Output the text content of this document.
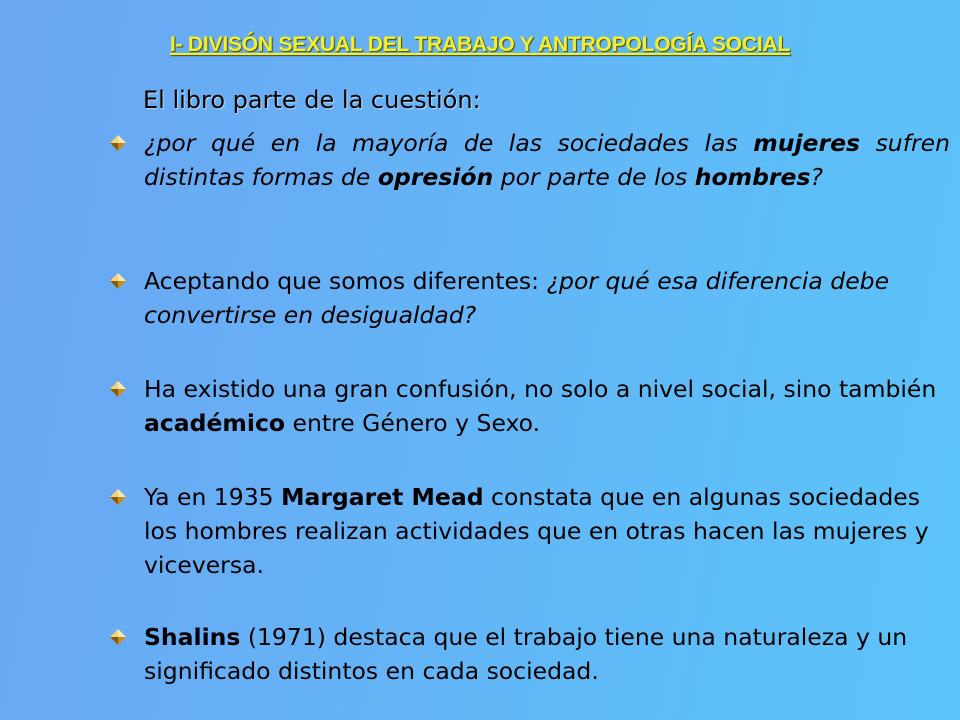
I- DIVISÓN SEXUAL DEL TRABAJO Y ANTROPOLOGÍA SOCIAL
El libro parte de la cuestión:
¿por qué en la mayoría de las sociedades las mujeres sufren distintas formas de opresión por parte de los hombres?
Aceptando que somos diferentes: ¿por qué esa diferencia debe convertirse en desigualdad?
Ha existido una gran confusión, no solo a nivel social, sino también académico entre Género y Sexo.
Ya en 1935 Margaret Mead constata que en algunas sociedades los hombres realizan actividades que en otras hacen las mujeres y viceversa.
Shalins (1971) destaca que el trabajo tiene una naturaleza y un significado distintos en cada sociedad.
